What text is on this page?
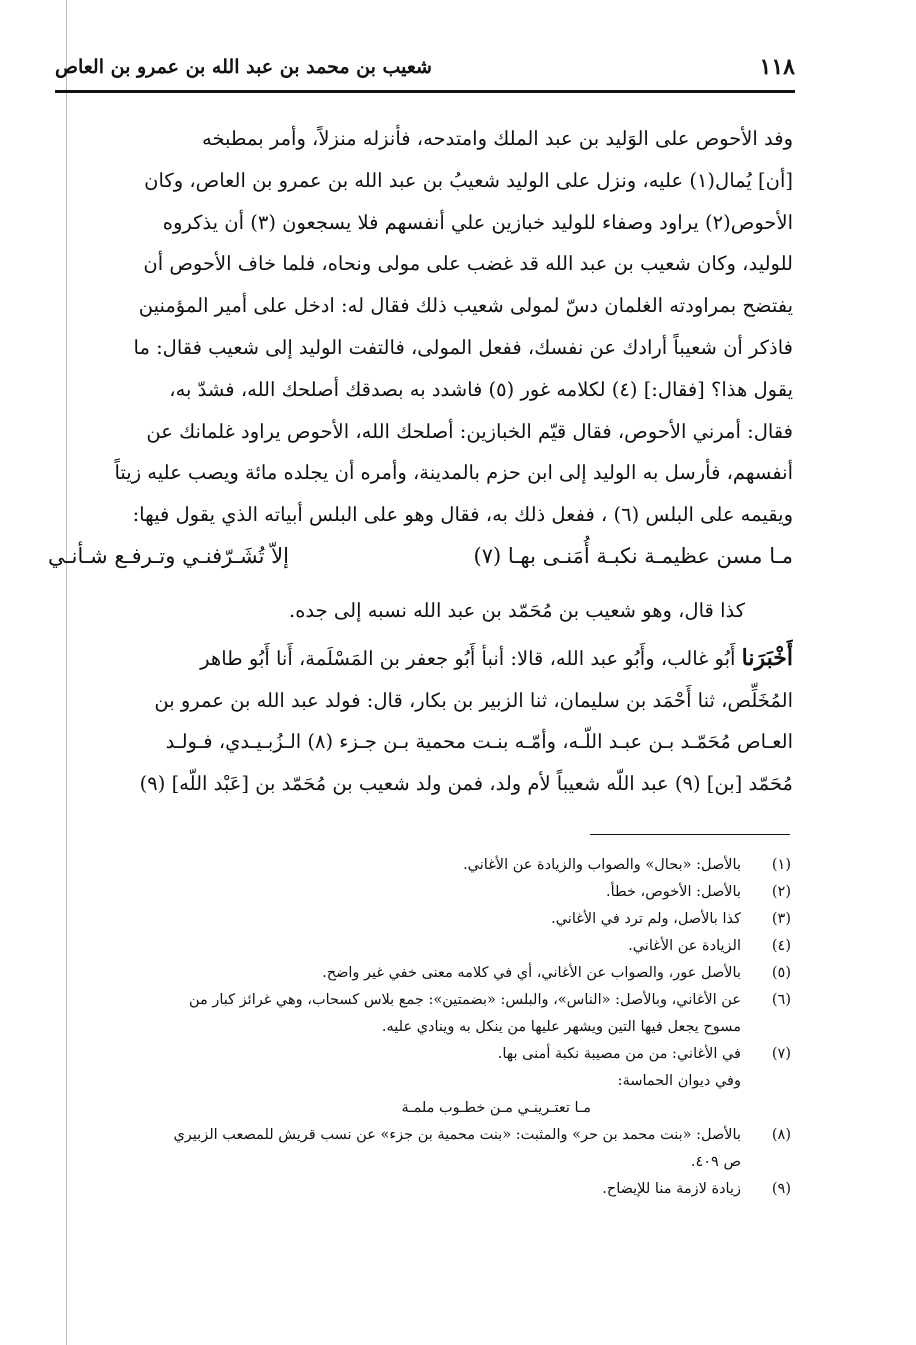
شعيب بن محمد بن عبد الله بن عمرو بن العاص	١١٨

وفد الأحوص على الوَليد بن عبد الملك وامتدحه، فأنزله منزلاً، وأمر بمطبخه
[أن] يُمال(١) عليه، ونزل على الوليد شعيبُ بن عبد الله بن عمرو بن العاص، وكان
الأحوص(٢) يراود وصفاء للوليد خبازين علي أنفسهم فلا يسجعون (٣) أن يذكروه
للوليد، وكان شعيب بن عبد الله قد غضب على مولى ونحاه، فلما خاف الأحوص أن
يفتضح بمراودته الغلمان دسّ لمولى شعيب ذلك فقال له: ادخل على أمير المؤمنين
فاذكر أن شعيباً أرادك عن نفسك، ففعل المولى، فالتفت الوليد إلى شعيب فقال: ما
يقول هذا؟ [فقال:] (٤) لكلامه غور (٥) فاشدد به بصدقك أصلحك الله، فشدّ به،
فقال: أمرني الأحوص، فقال قيّم الخبازين: أصلحك الله، الأحوص يراود غلمانك عن
أنفسهم، فأرسل به الوليد إلى ابن حزم بالمدينة، وأمره أن يجلده مائة ويصب عليه زيتاً
ويقيمه على البلس (٦) ، ففعل ذلك به، فقال وهو على البلس أبياته الذي يقول فيها:

مـا مسن عظيمـة نكبـة أُمَنـى بهـا (٧)
إلاّ تُشَـرّفنـي وتـرفـع شـأنـي

كذا قال، وهو شعيب بن مُحَمّد بن عبد الله نسبه إلى جده.

أَخْبَرَنا أَبُو غالب، وأَبُو عبد الله، قالا: أنبأ أَبُو جعفر بن المَسْلَمة، أَنا أَبُو طاهر
المُخَلِّص، ثنا أَحْمَد بن سليمان، ثنا الزبير بن بكار، قال: فولد عبد الله بن عمرو بن
العـاص مُحَمّـد بـن عبـد اللّـه، وأمّـه بنـت محمية بـن جـزء (٨) الـزُبـيـدي، فـولـد
مُحَمّد [بن] (٩) عبد اللّه شعيباً لأم ولد، فمن ولد شعيب بن مُحَمّد بن [عَبْد اللّه] (٩)

(١)
بالأصل: «بحال» والصواب والزيادة عن الأغاني.
(٢)
بالأصل: الأخوص، خطأ.
(٣)
كذا بالأصل، ولم ترد في الأغاني.
(٤)
الزيادة عن الأغاني.
(٥)
بالأصل عور، والصواب عن الأغاني، أي في كلامه معنى خفي غير واضح.
(٦)
عن الأغاني، وبالأصل: «الناس»، والبلس: «بضمتين»: جمع بلاس كسحاب، وهي غرائز كبار من
مسوح يجعل فيها التين ويشهر عليها من ينكل به وينادي عليه.
(٧)
في الأغاني: من من مصيبة نكبة أمنى بها.
وفي ديوان الحماسة:
مـا تعتـرينـي مـن خطـوب ملمـة
(٨)
بالأصل: «بنت محمد بن حر» والمثبت: «بنت محمية بن جزء» عن نسب قريش للمصعب الزبيري
ص ٤٠٩.
(٩)
زيادة لازمة منا للإيضاح.
